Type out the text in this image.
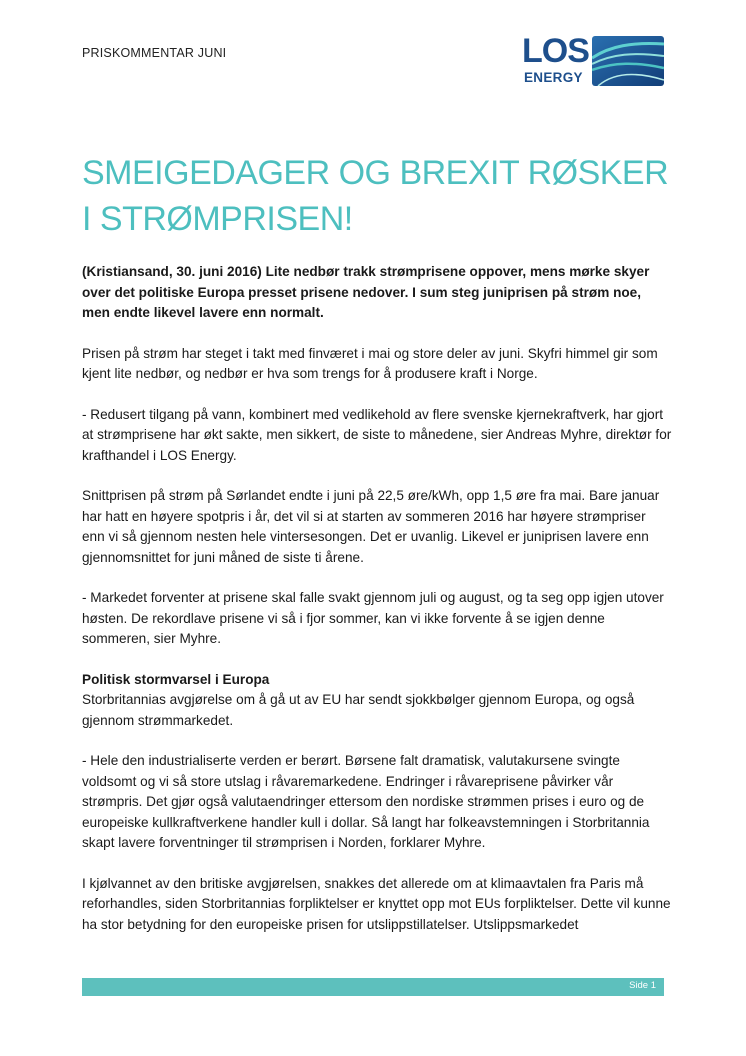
PRISKOMMENTAR JUNI	LOS
ENERGY
SMEIGEDAGER OG BREXIT RØSKER I STRØMPRISEN!

(Kristiansand, 30. juni 2016) Lite nedbør trakk strømprisene oppover, mens mørke skyer over det politiske Europa presset prisene nedover. I sum steg juniprisen på strøm noe, men endte likevel lavere enn normalt.

Prisen på strøm har steget i takt med finværet i mai og store deler av juni. Skyfri himmel gir som kjent lite nedbør, og nedbør er hva som trengs for å produsere kraft i Norge.

- Redusert tilgang på vann, kombinert med vedlikehold av flere svenske kjernekraftverk, har gjort at strømprisene har økt sakte, men sikkert, de siste to månedene, sier Andreas Myhre, direktør for krafthandel i LOS Energy.

Snittprisen på strøm på Sørlandet endte i juni på 22,5 øre/kWh, opp 1,5 øre fra mai. Bare januar har hatt en høyere spotpris i år, det vil si at starten av sommeren 2016 har høyere strømpriser enn vi så gjennom nesten hele vintersesongen. Det er uvanlig. Likevel er juniprisen lavere enn gjennomsnittet for juni måned de siste ti årene.

- Markedet forventer at prisene skal falle svakt gjennom juli og august, og ta seg opp igjen utover høsten. De rekordlave prisene vi så i fjor sommer, kan vi ikke forvente å se igjen denne sommeren, sier Myhre.

Politisk stormvarsel i Europa
Storbritannias avgjørelse om å gå ut av EU har sendt sjokkbølger gjennom Europa, og også gjennom strømmarkedet.

- Hele den industrialiserte verden er berørt. Børsene falt dramatisk, valutakursene svingte voldsomt og vi så store utslag i råvaremarkedene. Endringer i råvareprisene påvirker vår strømpris. Det gjør også valutaendringer ettersom den nordiske strømmen prises i euro og de europeiske kullkraftverkene handler kull i dollar. Så langt har folkeavstemningen i Storbritannia skapt lavere forventninger til strømprisen i Norden, forklarer Myhre.

I kjølvannet av den britiske avgjørelsen, snakkes det allerede om at klimaavtalen fra Paris må reforhandles, siden Storbritannias forpliktelser er knyttet opp mot EUs forpliktelser. Dette vil kunne ha stor betydning for den europeiske prisen for utslippstillatelser. Utslippsmarkedet

Side 1
